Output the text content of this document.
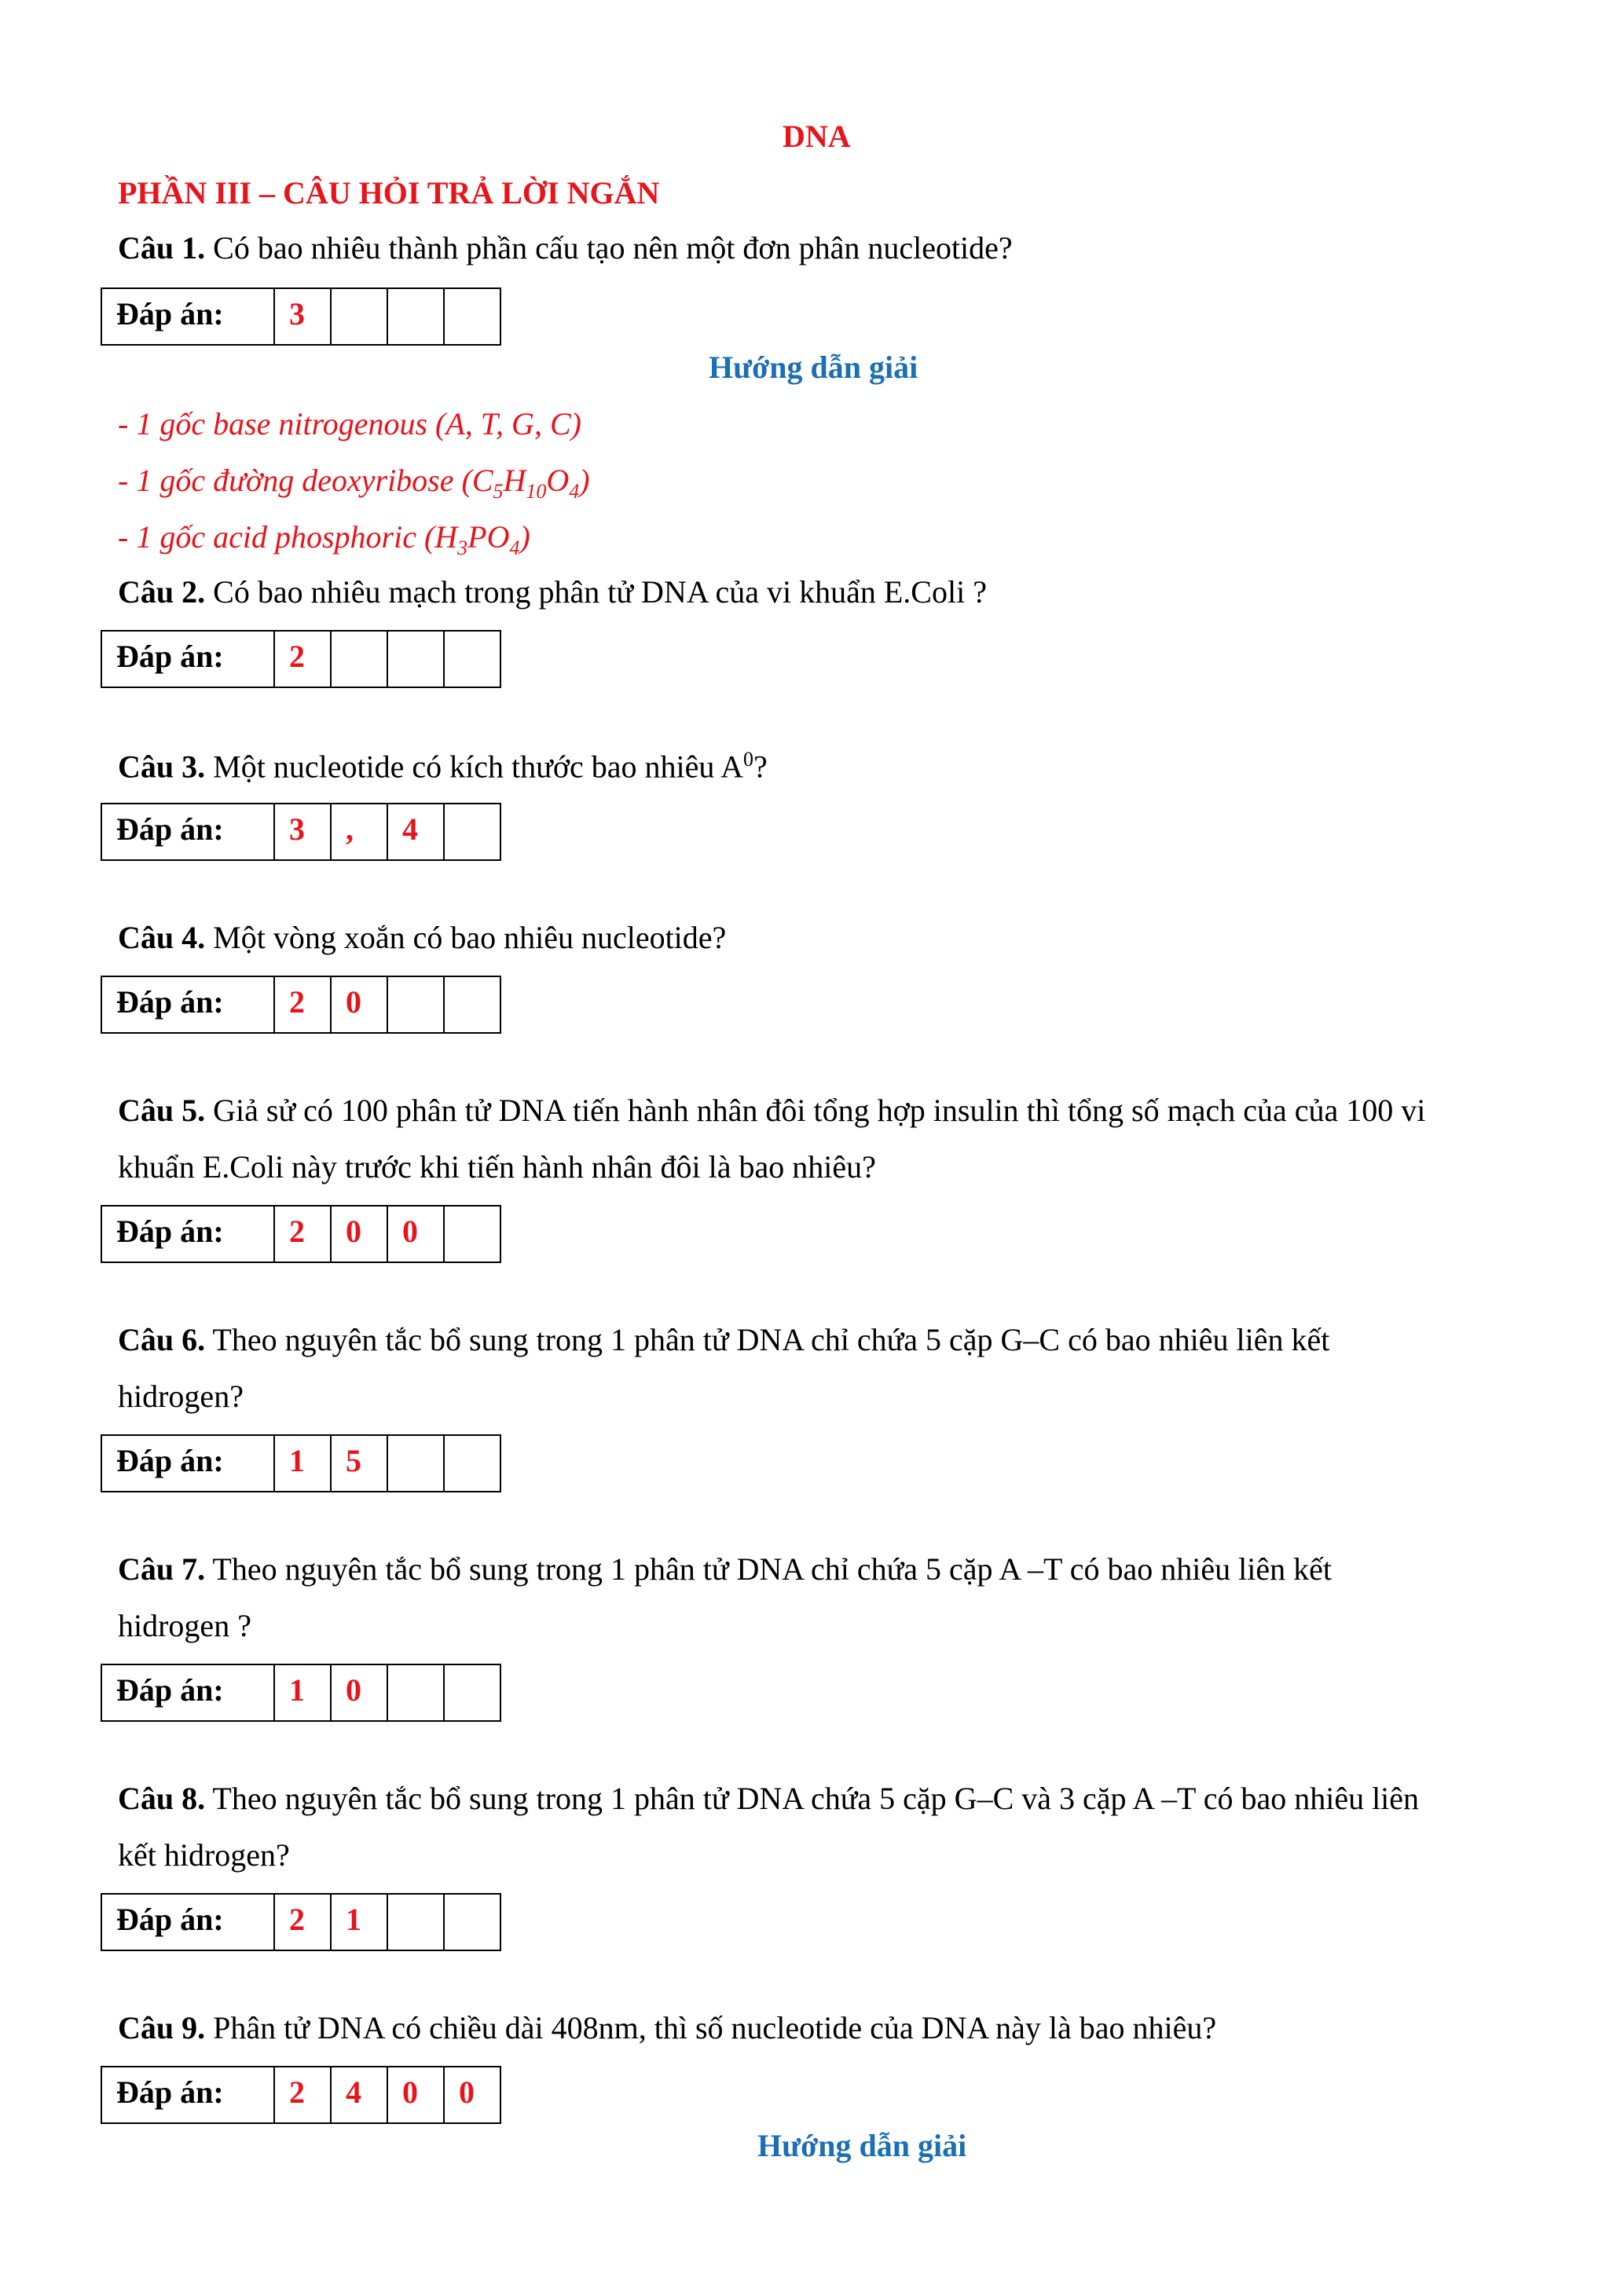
DNA
PHẦN III – CÂU HỎI TRẢ LỜI NGẮN
Câu 1. Có bao nhiêu thành phần cấu tạo nên một đơn phân nucleotide?
Đáp án:	3			
Hướng dẫn giải
- 1 gốc base nitrogenous (A, T, G, C)
- 1 gốc đường deoxyribose $(C_5H_{10}O_4)$
- 1 gốc acid phosphoric $(H_3PO_4)$
Câu 2. Có bao nhiêu mạch trong phân tử DNA của vi khuẩn E.Coli ?
Đáp án:	2			
Câu 3. Một nucleotide có kích thước bao nhiêu $A^0$?
Đáp án:	3	,	4	
Câu 4. Một vòng xoắn có bao nhiêu nucleotide?
Đáp án:	2	0		
Câu 5. Giả sử có 100 phân tử DNA tiến hành nhân đôi tổng hợp insulin thì tổng số mạch của của 100 vi
khuẩn E.Coli này trước khi tiến hành nhân đôi là bao nhiêu?
Đáp án:	2	0	0	
Câu 6. Theo nguyên tắc bổ sung trong 1 phân tử DNA chỉ chứa 5 cặp G–C có bao nhiêu liên kết
hidrogen?
Đáp án:	1	5		
Câu 7. Theo nguyên tắc bổ sung trong 1 phân tử DNA chỉ chứa 5 cặp A –T có bao nhiêu liên kết
hidrogen ?
Đáp án:	1	0		
Câu 8. Theo nguyên tắc bổ sung trong 1 phân tử DNA chứa 5 cặp G–C và 3 cặp A –T có bao nhiêu liên
kết hidrogen?
Đáp án:	2	1		
Câu 9. Phân tử DNA có chiều dài 408nm, thì số nucleotide của DNA này là bao nhiêu?
Đáp án:	2	4	0	0
Hướng dẫn giải
